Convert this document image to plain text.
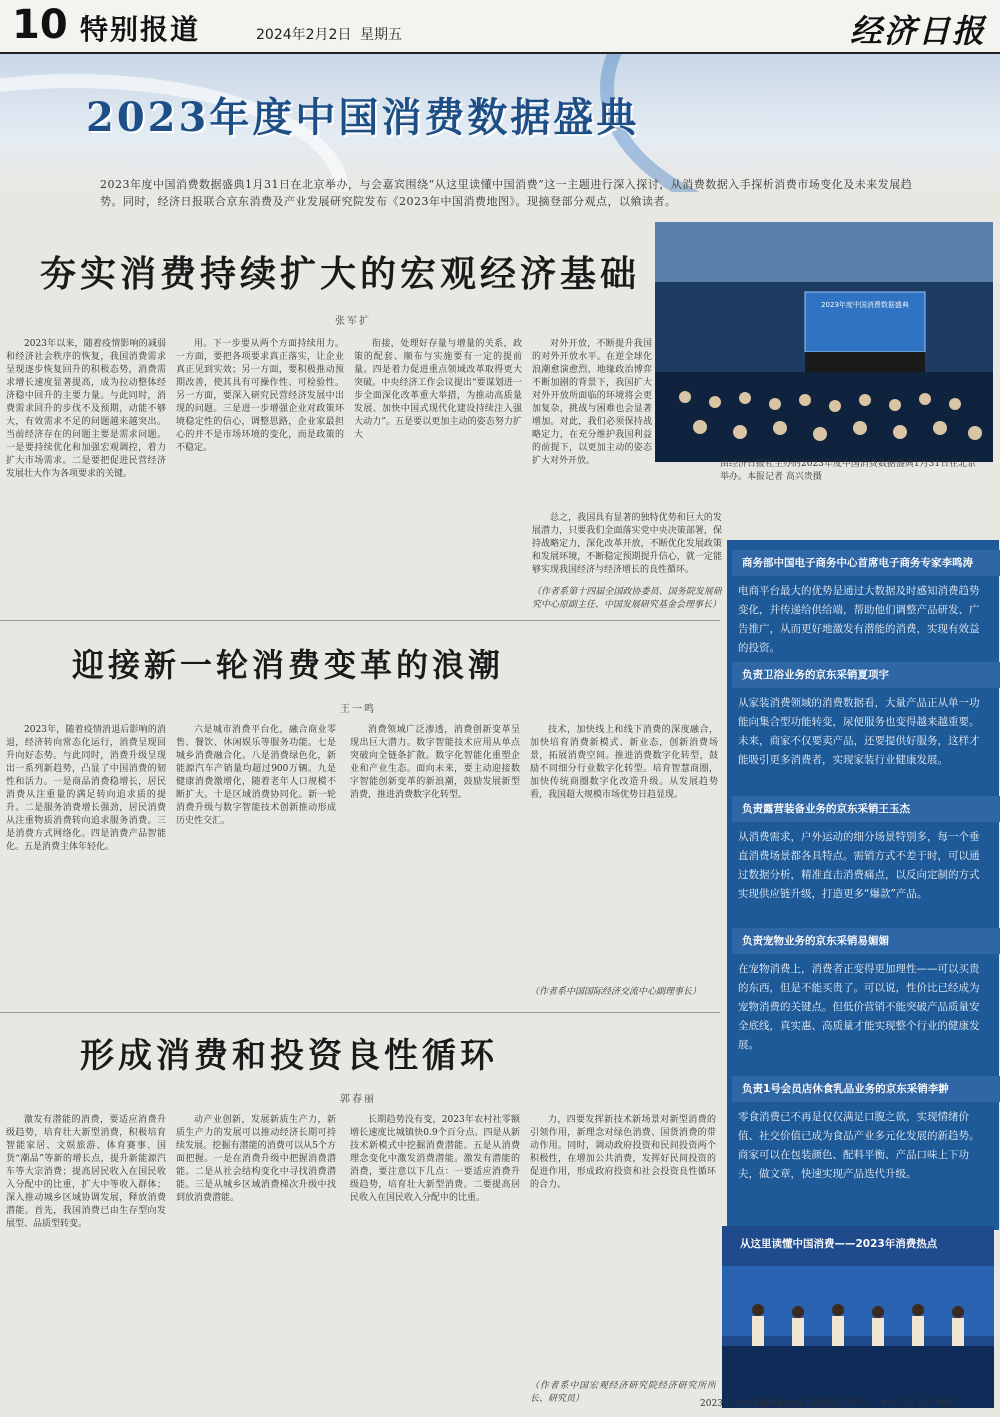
10 特别报道	2024年2月2日 星期五	经济日报
2023年度中国消费数据盛典
2023年度中国消费数据盛典1月31日在北京举办，与会嘉宾围绕“从这里读懂中国消费”这一主题进行深入探讨，从消费数据入手探析消费市场变化及未来发展趋势。同时，经济日报联合京东消费及产业发展研究院发布《2023年中国消费地图》。现摘登部分观点，以飨读者。
夯实消费持续扩大的宏观经济基础
张军扩

2023年以来，随着疫情影响的减弱和经济社会秩序的恢复，我国消费需求呈现逐步恢复回升的积极态势，消费需求增长速度显著提高，成为拉动整体经济稳中回升的主要力量。与此同时，消费需求回升的步伐不及预期，动能不够大，有效需求不足的问题越来越突出。当前经济存在的问题主要是需求问题。一是要持续优化和加强宏观调控，着力扩大市场需求。二是要把促进民营经济发展壮大作为各项要求的关键。

用。下一步要从两个方面持续用力。一方面，要把各项要求真正落实，让企业真正见到实效；另一方面，要积极推动预期改善，使其具有可操作性、可检验性。另一方面，要深入研究民营经济发展中出现的问题。三是进一步增强企业对政策环境稳定性的信心，调整思路，企业家最担心的并不是市场环境的变化，而是政策的不稳定。

衔接，处理好存量与增量的关系，政策的配套、顺布与实施要有一定的提前量。四是着力促进重点领域改革取得更大突破。中央经济工作会议提出“要谋划进一步全面深化改革重大举措，为推动高质量发展、加快中国式现代化建设持续注入强大动力”。五是要以更加主动的姿态努力扩大

对外开放，不断提升我国的对外开放水平。在逆全球化浪潮愈演愈烈、地缘政治博弈不断加剧的背景下，我国扩大对外开放所面临的环境将会更加复杂，挑战与困难也会显著增加。对此，我们必须保持战略定力，在充分维护我国利益的前提下，以更加主动的姿态扩大对外开放。

总之，我国具有显著的独特优势和巨大的发展潜力，只要我们全面落实党中央决策部署，保持战略定力，深化改革开放，不断优化发展政策和发展环境，不断稳定预期提升信心，就一定能够实现我国经济与经济增长的良性循环。

（作者系第十四届全国政协委员、国务院发展研究中心原副主任、中国发展研究基金会理事长）
2023年度中国消费数据盛典
由经济日报社主办的2023年度中国消费数据盛典1月31日在北京举办。本报记者 高兴贵摄
迎接新一轮消费变革的浪潮
王一鸣

2023年，随着疫情消退后影响的消退，经济转向常态化运行，消费呈现回升向好态势。与此同时，消费升级呈现出一系列新趋势，凸显了中国消费的韧性和活力。一是商品消费稳增长，居民消费从注重量的满足转向追求质的提升。二是服务消费增长强劲，居民消费从注重物质消费转向追求服务消费。三是消费方式网络化。四是消费产品智能化。五是消费主体年轻化。

六是城市消费平台化，融合商业零售、餐饮、休闲娱乐等服务功能。七是城乡消费融合化。八是消费绿色化，新能源汽车产销量均超过900万辆。九是健康消费激增化，随着老年人口规模不断扩大。十是区域消费协同化。新一轮消费升级与数字智能技术创新推动形成历史性交汇。

消费领域广泛渗透，消费创新变革呈现出巨大潜力。数字智能技术应用从单点突破向全链条扩散。数字化智能化重塑企业和产业生态。面向未来，要主动迎接数字智能创新变革的新浪潮，鼓励发展新型消费，推进消费数字化转型。

技术，加快线上和线下消费的深度融合，加快培育消费新模式、新业态，创新消费场景，拓展消费空间。推进消费数字化转型，鼓励不同细分行业数字化转型。培育智慧商圈，加快传统商圈数字化改造升级。从发展趋势看，我国超大规模市场优势日趋显现。

（作者系中国国际经济交流中心副理事长）
形成消费和投资良性循环
郭春丽

激发有潜能的消费，要适应消费升级趋势，培育壮大新型消费，积极培育智能家居、文娱旅游、体育赛事、国货“潮品”等新的增长点，提升新能源汽车等大宗消费；提高居民收入在国民收入分配中的比重，扩大中等收入群体；深入推动城乡区域协调发展，释放消费潜能。首先，我国消费已由生存型向发展型、品质型转变。

动产业创新，发展新质生产力，新质生产力的发展可以推动经济长期可持续发展。挖掘有潜能的消费可以从5个方面把握。一是在消费升级中把握消费潜能。二是从社会结构变化中寻找消费潜能。三是从城乡区域消费梯次升级中找到放消费潜能。

长期趋势没有变，2023年农村社零额增长速度比城镇快0.9个百分点。四是从新技术新模式中挖掘消费潜能。五是从消费理念变化中激发消费潜能。激发有潜能的消费，要注意以下几点：一要适应消费升级趋势，培育壮大新型消费。二要提高居民收入在国民收入分配中的比重。

力，四要发挥新技术新场景对新型消费的引领作用，新理念对绿色消费、国货消费的带动作用。同时，调动政府投资和民间投资两个积极性，在增加公共消费，发挥好民间投资的促进作用，形成政府投资和社会投资良性循环的合力。

（作者系中国宏观经济研究院经济研究所所长、研究员）
商务部中国电子商务中心首席电子商务专家李鸣涛
电商平台最大的优势是通过大数据及时感知消费趋势变化，并传递给供给端，帮助他们调整产品研发、广告推广，从而更好地激发有潜能的消费，实现有效益的投资。
负责卫浴业务的京东采销夏项宇
从家装消费领域的消费数据看，大量产品正从单一功能向集合型功能转变，尿便服务也变得越来越重要。未来，商家不仅要卖产品，还要提供好服务，这样才能吸引更多消费者，实现家装行业健康发展。
负责露营装备业务的京东采销王玉杰
从消费需求，户外运动的细分场景特别多，每一个垂直消费场景都各具特点。需销方式不差于时，可以通过数据分析，精准直击消费痛点，以反向定制的方式实现供应链升级，打造更多“爆款”产品。
负责宠物业务的京东采销易媚媚
在宠物消费上，消费者正变得更加理性——可以买贵的东西，但是不能买贵了。可以说，性价比已经成为宠物消费的关键点。但低价营销不能突破产品质量安全底线，真实惠、高质量才能实现整个行业的健康发展。
负责1号会员店休食乳品业务的京东采销李翀
零食消费已不再是仅仅满足口腹之欲，实现情绪价值、社交价值已成为食品产业多元化发展的新趋势。商家可以在包装颜色、配料平衡、产品口味上下功夫，做文章，快速实现产品迭代升级。
从这里读懂中国消费——2023年消费热点
2023年度中国消费数据盛典圆桌对话环节。 本报记者 高兴贵摄
